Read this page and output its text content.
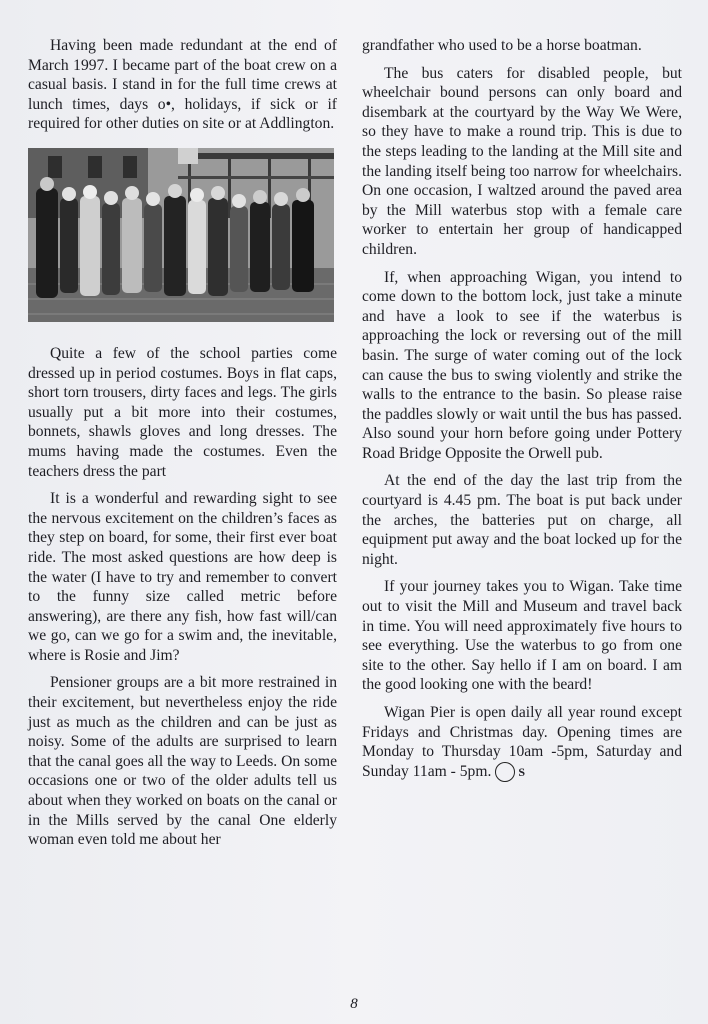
Having been made redundant at the end of March 1997. I became part of the boat crew on a casual basis. I stand in for the full time crews at lunch times, days o•, holidays, if sick or if required for other duties on site or at Addlington.

Quite a few of the school parties come dressed up in period costumes. Boys in flat caps, short torn trousers, dirty faces and legs. The girls usually put a bit more into their costumes, bonnets, shawls gloves and long dresses. The mums having made the costumes. Even the teachers dress the part

It is a wonderful and rewarding sight to see the nervous excitement on the children’s faces as they step on board, for some, their first ever boat ride. The most asked questions are how deep is the water (I have to try and remember to convert to the funny size called metric before answering), are there any fish, how fast will/can we go, can we go for a swim and, the inevitable, where is Rosie and Jim?

Pensioner groups are a bit more restrained in their excitement, but nevertheless enjoy the ride just as much as the children and can be just as noisy. Some of the adults are surprised to learn that the canal goes all the way to Leeds. On some occasions one or two of the older adults tell us about when they worked on boats on the canal or in the Mills served by the canal One elderly woman even told me about her

grandfather who used to be a horse boatman.

The bus caters for disabled people, but wheelchair bound persons can only board and disembark at the courtyard by the Way We Were, so they have to make a round trip. This is due to the steps leading to the landing at the Mill site and the landing itself being too narrow for wheelchairs. On one occasion, I waltzed around the paved area by the Mill waterbus stop with a female care worker to entertain her group of handicapped children.

If, when approaching Wigan, you intend to come down to the bottom lock, just take a minute and have a look to see if the waterbus is approaching the lock or reversing out of the mill basin. The surge of water coming out of the lock can cause the bus to swing violently and strike the walls to the entrance to the basin. So please raise the paddles slowly or wait until the bus has passed. Also sound your horn before going under Pottery Road Bridge Opposite the Orwell pub.

At the end of the day the last trip from the courtyard is 4.45 pm. The boat is put back under the arches, the batteries put on charge, all equipment put away and the boat locked up for the night.

If your journey takes you to Wigan. Take time out to visit the Mill and Museum and travel back in time. You will need approximately five hours to see everything. Use the waterbus to go from one site to the other. Say hello if I am on board. I am the good looking one with the beard!

Wigan Pier is open daily all year round except Fridays and Christmas day. Opening times are Monday to Thursday 10am -5pm, Saturday and Sunday 11am - 5pm. S

8
